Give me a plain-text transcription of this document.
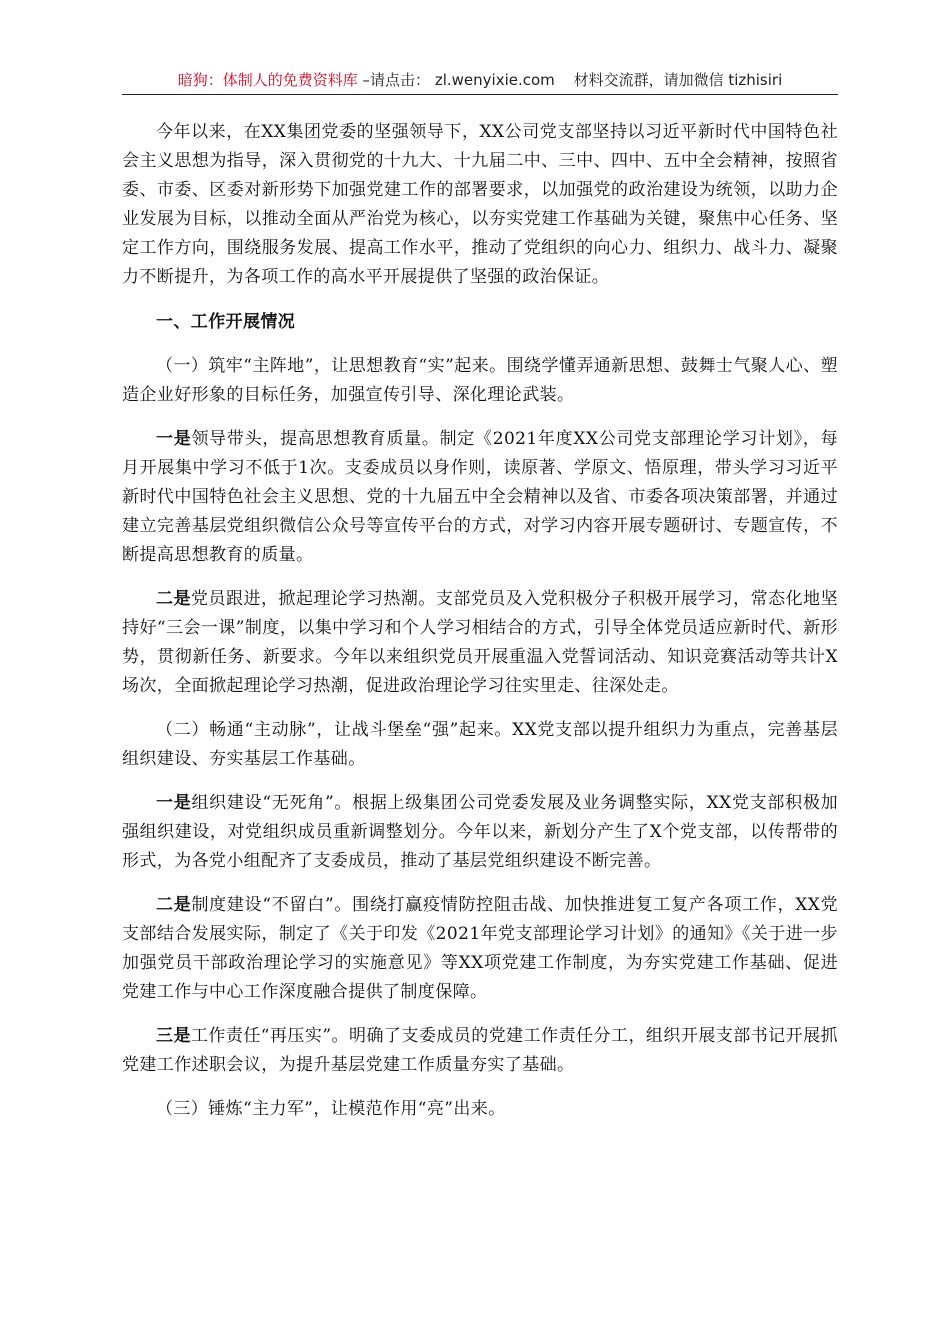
暗狗：体制人的免费资料库 –请点击： zl.wenyixie.com 材料交流群，请加微信 tizhisiri

今年以来，在XX集团党委的坚强领导下，XX公司党支部坚持以习近平新时代中国特色社会主义思想为指导，深入贯彻党的十九大、十九届二中、三中、四中、五中全会精神，按照省委、市委、区委对新形势下加强党建工作的部署要求，以加强党的政治建设为统领，以助力企业发展为目标，以推动全面从严治党为核心，以夯实党建工作基础为关键，聚焦中心任务、坚定工作方向，围绕服务发展、提高工作水平，推动了党组织的向心力、组织力、战斗力、凝聚力不断提升，为各项工作的高水平开展提供了坚强的政治保证。

一、工作开展情况

（一）筑牢“主阵地”，让思想教育“实”起来。围绕学懂弄通新思想、鼓舞士气聚人心、塑造企业好形象的目标任务，加强宣传引导、深化理论武装。

一是领导带头，提高思想教育质量。制定《2021年度XX公司党支部理论学习计划》，每月开展集中学习不低于1次。支委成员以身作则，读原著、学原文、悟原理，带头学习习近平新时代中国特色社会主义思想、党的十九届五中全会精神以及省、市委各项决策部署，并通过建立完善基层党组织微信公众号等宣传平台的方式，对学习内容开展专题研讨、专题宣传，不断提高思想教育的质量。

二是党员跟进，掀起理论学习热潮。支部党员及入党积极分子积极开展学习，常态化地坚持好“三会一课”制度，以集中学习和个人学习相结合的方式，引导全体党员适应新时代、新形势，贯彻新任务、新要求。今年以来组织党员开展重温入党誓词活动、知识竞赛活动等共计X场次，全面掀起理论学习热潮，促进政治理论学习往实里走、往深处走。

（二）畅通“主动脉”，让战斗堡垒“强”起来。XX党支部以提升组织力为重点，完善基层组织建设、夯实基层工作基础。

一是组织建设“无死角”。根据上级集团公司党委发展及业务调整实际，XX党支部积极加强组织建设，对党组织成员重新调整划分。今年以来，新划分产生了X个党支部，以传帮带的形式，为各党小组配齐了支委成员，推动了基层党组织建设不断完善。

二是制度建设“不留白”。围绕打赢疫情防控阻击战、加快推进复工复产各项工作，XX党支部结合发展实际，制定了《关于印发《2021年党支部理论学习计划》的通知》《关于进一步加强党员干部政治理论学习的实施意见》等XX项党建工作制度，为夯实党建工作基础、促进党建工作与中心工作深度融合提供了制度保障。

三是工作责任“再压实”。明确了支委成员的党建工作责任分工，组织开展支部书记开展抓党建工作述职会议，为提升基层党建工作质量夯实了基础。

（三）锤炼“主力军”，让模范作用“亮”出来。
